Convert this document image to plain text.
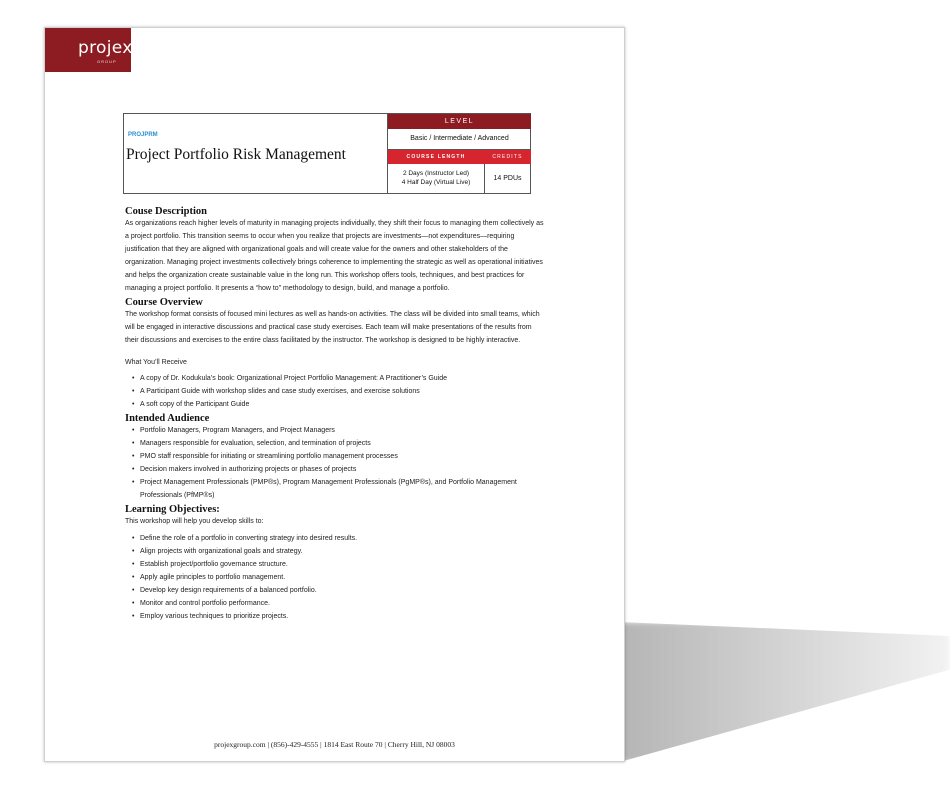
projex
GROUP
PROJPRM
Project Portfolio Risk Management
LEVEL
Basic / Intermediate / Advanced
COURSE LENGTH	CREDITS
2 Days (Instructor Led)
4 Half Day (Virtual Live)
14 PDUs
Couse Description

As organizations reach higher levels of maturity in managing projects individually, they shift their focus to managing them collectively as a project portfolio. This transition seems to occur when you realize that projects are investments—not expenditures—requiring justification that they are aligned with organizational goals and will create value for the owners and other stakeholders of the organization. Managing project investments collectively brings coherence to implementing the strategic as well as operational initiatives and helps the organization create sustainable value in the long run. This workshop offers tools, techniques, and best practices for managing a project portfolio. It presents a “how to” methodology to design, build, and manage a portfolio.

Course Overview

The workshop format consists of focused mini lectures as well as hands-on activities. The class will be divided into small teams, which will be engaged in interactive discussions and practical case study exercises. Each team will make presentations of the results from their discussions and exercises to the entire class facilitated by the instructor. The workshop is designed to be highly interactive.

What You’ll Receive
• A copy of Dr. Kodukula’s book: Organizational Project Portfolio Management: A Practitioner’s Guide
• A Participant Guide with workshop slides and case study exercises, and exercise solutions
• A soft copy of the Participant Guide
Intended Audience
• Portfolio Managers, Program Managers, and Project Managers
• Managers responsible for evaluation, selection, and termination of projects
• PMO staff responsible for initiating or streamlining portfolio management processes
• Decision makers involved in authorizing projects or phases of projects
• Project Management Professionals (PMP®s), Program Management Professionals (PgMP®s), and Portfolio Management Professionals (PfMP®s)
Learning Objectives:
This workshop will help you develop skills to:
• Define the role of a portfolio in converting strategy into desired results.
• Align projects with organizational goals and strategy.
• Establish project/portfolio governance structure.
• Apply agile principles to portfolio management.
• Develop key design requirements of a balanced portfolio.
• Monitor and control portfolio performance.
• Employ various techniques to prioritize projects.
projexgroup.com | (856)-429-4555 | 1814 East Route 70 | Cherry Hill, NJ 08003
